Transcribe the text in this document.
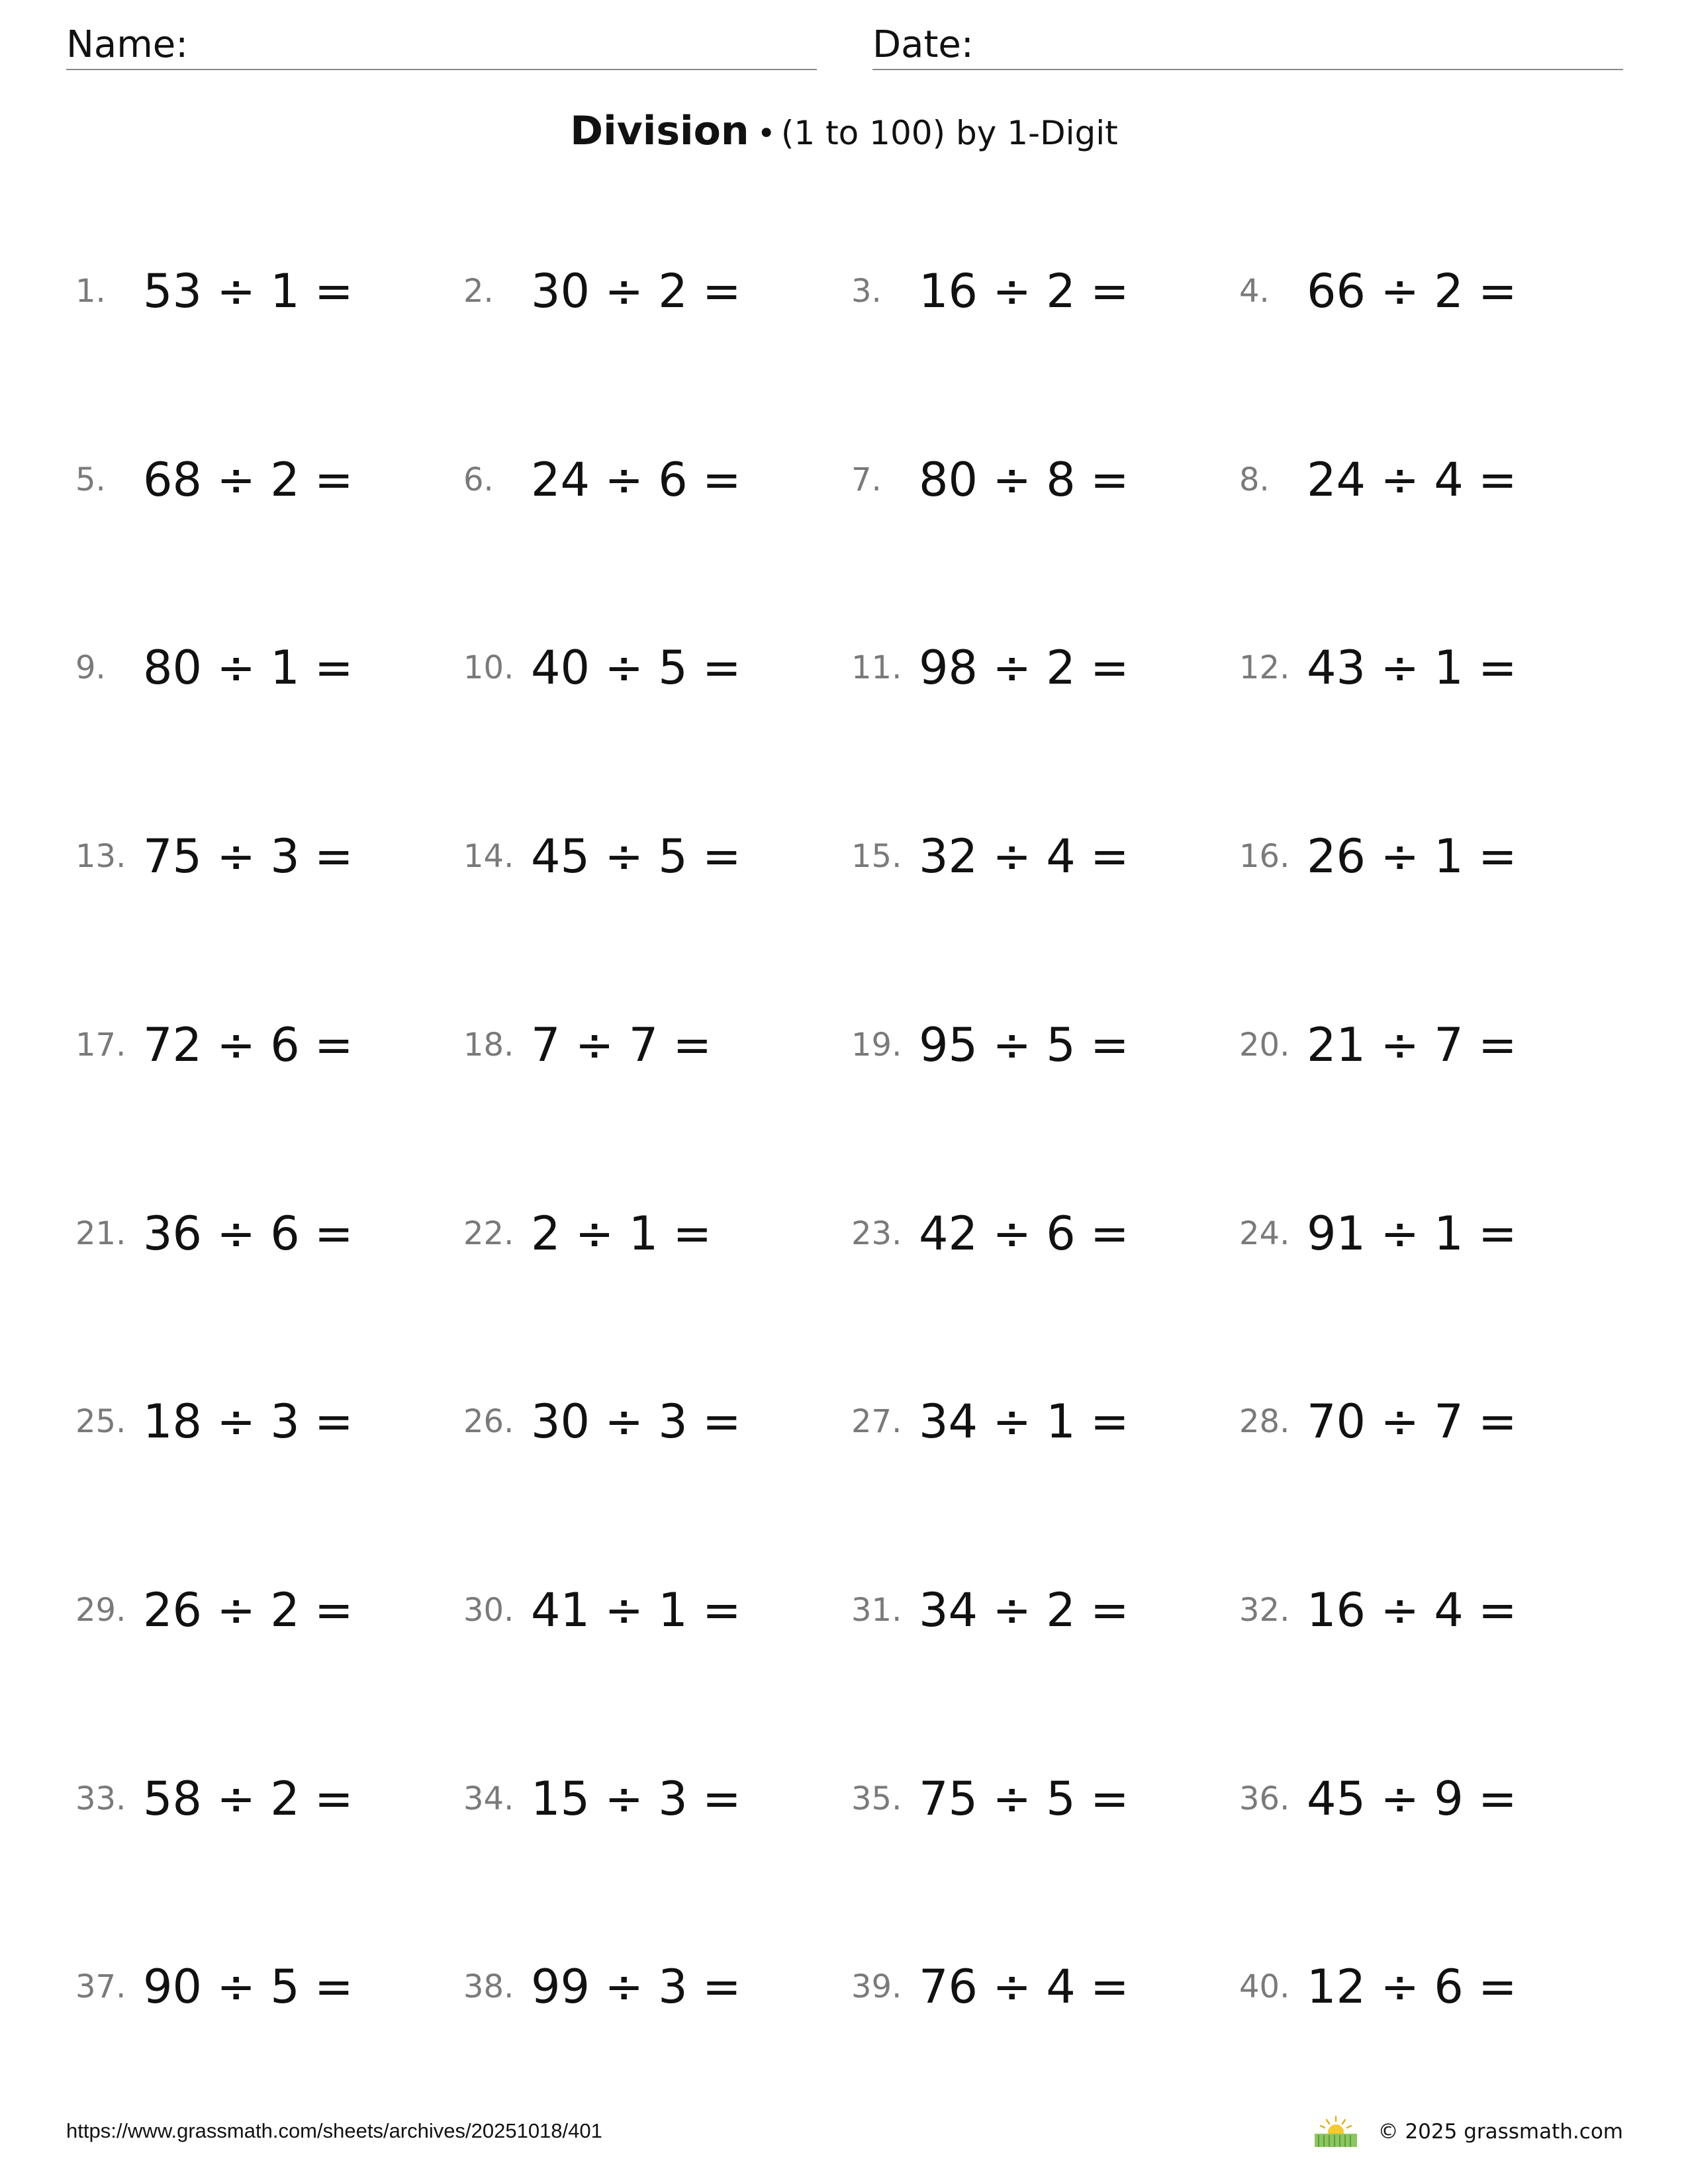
Name:	Date:
Division • (1 to 100) by 1-Digit
1. 53 ÷ 1 =	2. 30 ÷ 2 =	3. 16 ÷ 2 =	4. 66 ÷ 2 =
5. 68 ÷ 2 =	6. 24 ÷ 6 =	7. 80 ÷ 8 =	8. 24 ÷ 4 =
9. 80 ÷ 1 =	10. 40 ÷ 5 =	11. 98 ÷ 2 =	12. 43 ÷ 1 =
13. 75 ÷ 3 =	14. 45 ÷ 5 =	15. 32 ÷ 4 =	16. 26 ÷ 1 =
17. 72 ÷ 6 =	18. 7 ÷ 7 =	19. 95 ÷ 5 =	20. 21 ÷ 7 =
21. 36 ÷ 6 =	22. 2 ÷ 1 =	23. 42 ÷ 6 =	24. 91 ÷ 1 =
25. 18 ÷ 3 =	26. 30 ÷ 3 =	27. 34 ÷ 1 =	28. 70 ÷ 7 =
29. 26 ÷ 2 =	30. 41 ÷ 1 =	31. 34 ÷ 2 =	32. 16 ÷ 4 =
33. 58 ÷ 2 =	34. 15 ÷ 3 =	35. 75 ÷ 5 =	36. 45 ÷ 9 =
37. 90 ÷ 5 =	38. 99 ÷ 3 =	39. 76 ÷ 4 =	40. 12 ÷ 6 =
https://www.grassmath.com/sheets/archives/20251018/401	© 2025 grassmath.com
